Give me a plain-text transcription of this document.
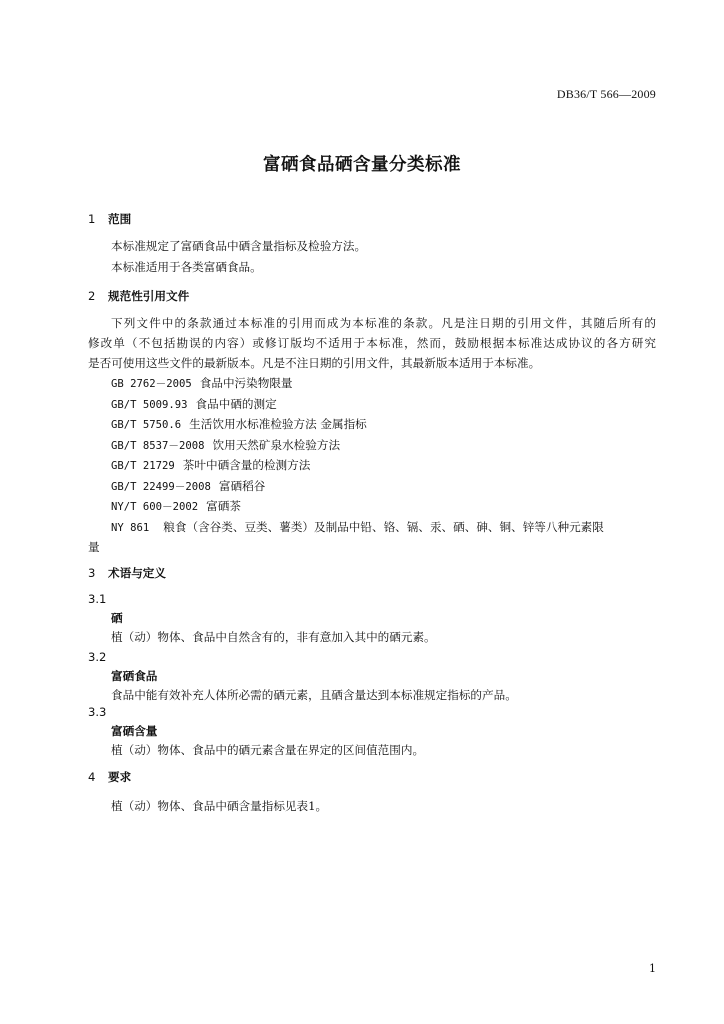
DB36/T 566—2009
富硒食品硒含量分类标准
1 范围
本标准规定了富硒食品中硒含量指标及检验方法。
本标准适用于各类富硒食品。
2 规范性引用文件
下列文件中的条款通过本标准的引用而成为本标准的条款。凡是注日期的引用文件，其随后所有的
修改单（不包括勘误的内容）或修订版均不适用于本标准，然而，鼓励根据本标准达成协议的各方研究
是否可使用这些文件的最新版本。凡是不注日期的引用文件，其最新版本适用于本标准。
GB 2762－2005 食品中污染物限量
GB/T 5009.93 食品中硒的测定
GB/T 5750.6 生活饮用水标准检验方法 金属指标
GB/T 8537－2008 饮用天然矿泉水检验方法
GB/T 21729 茶叶中硒含量的检测方法
GB/T 22499－2008 富硒稻谷
NY/T 600－2002 富硒茶
NY 861 粮食（含谷类、豆类、薯类）及制品中铅、铬、镉、汞、硒、砷、铜、锌等八种元素限
量
3 术语与定义
3.1
硒
植（动）物体、食品中自然含有的，非有意加入其中的硒元素。
3.2
富硒食品
食品中能有效补充人体所必需的硒元素，且硒含量达到本标准规定指标的产品。
3.3
富硒含量
植（动）物体、食品中的硒元素含量在界定的区间值范围内。
4 要求
植（动）物体、食品中硒含量指标见表1。
1
